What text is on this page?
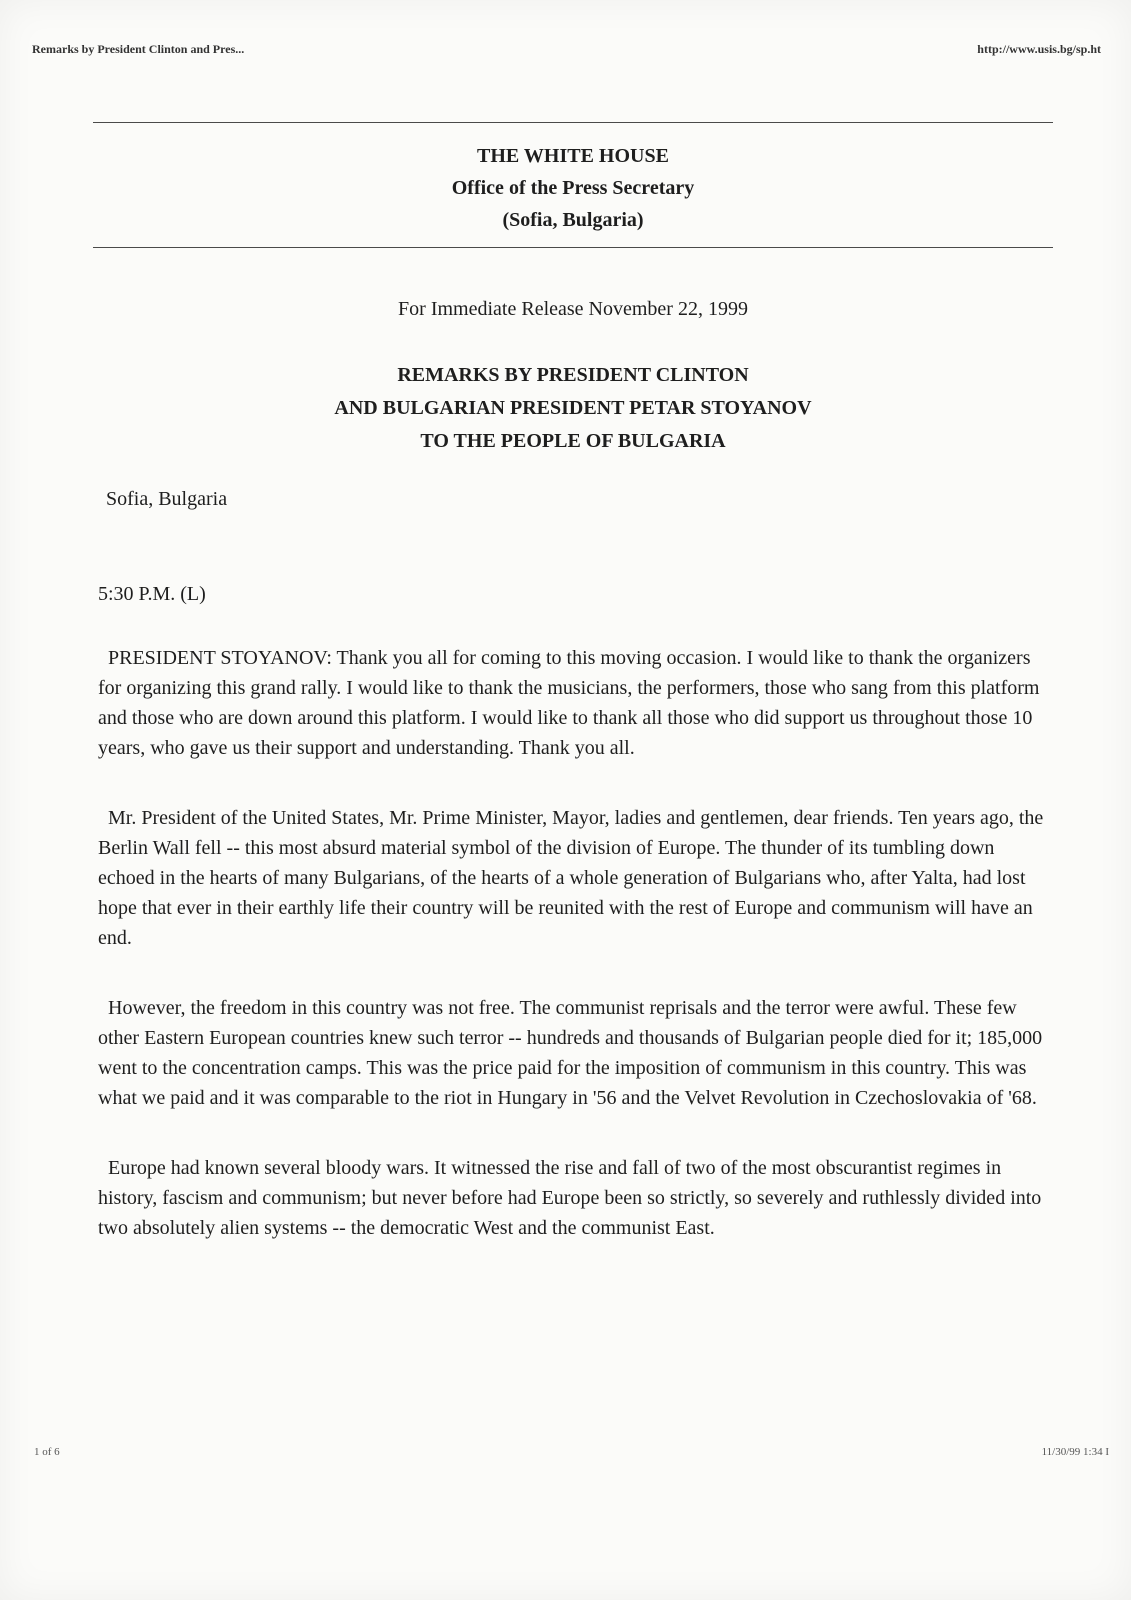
Remarks by President Clinton and Pres...	http://www.usis.bg/sp.ht
THE WHITE HOUSE
Office of the Press Secretary
(Sofia, Bulgaria)
For Immediate Release November 22, 1999
REMARKS BY PRESIDENT CLINTON
AND BULGARIAN PRESIDENT PETAR STOYANOV
TO THE PEOPLE OF BULGARIA
Sofia, Bulgaria
5:30 P.M. (L)

PRESIDENT STOYANOV: Thank you all for coming to this moving occasion. I would like to thank the organizers for organizing this grand rally. I would like to thank the musicians, the performers, those who sang from this platform and those who are down around this platform. I would like to thank all those who did support us throughout those 10 years, who gave us their support and understanding. Thank you all.

Mr. President of the United States, Mr. Prime Minister, Mayor, ladies and gentlemen, dear friends. Ten years ago, the Berlin Wall fell -- this most absurd material symbol of the division of Europe. The thunder of its tumbling down echoed in the hearts of many Bulgarians, of the hearts of a whole generation of Bulgarians who, after Yalta, had lost hope that ever in their earthly life their country will be reunited with the rest of Europe and communism will have an end.

However, the freedom in this country was not free. The communist reprisals and the terror were awful. These few other Eastern European countries knew such terror -- hundreds and thousands of Bulgarian people died for it; 185,000 went to the concentration camps. This was the price paid for the imposition of communism in this country. This was what we paid and it was comparable to the riot in Hungary in '56 and the Velvet Revolution in Czechoslovakia of '68.

Europe had known several bloody wars. It witnessed the rise and fall of two of the most obscurantist regimes in history, fascism and communism; but never before had Europe been so strictly, so severely and ruthlessly divided into two absolutely alien systems -- the democratic West and the communist East.

1 of 6	11/30/99 1:34 I
